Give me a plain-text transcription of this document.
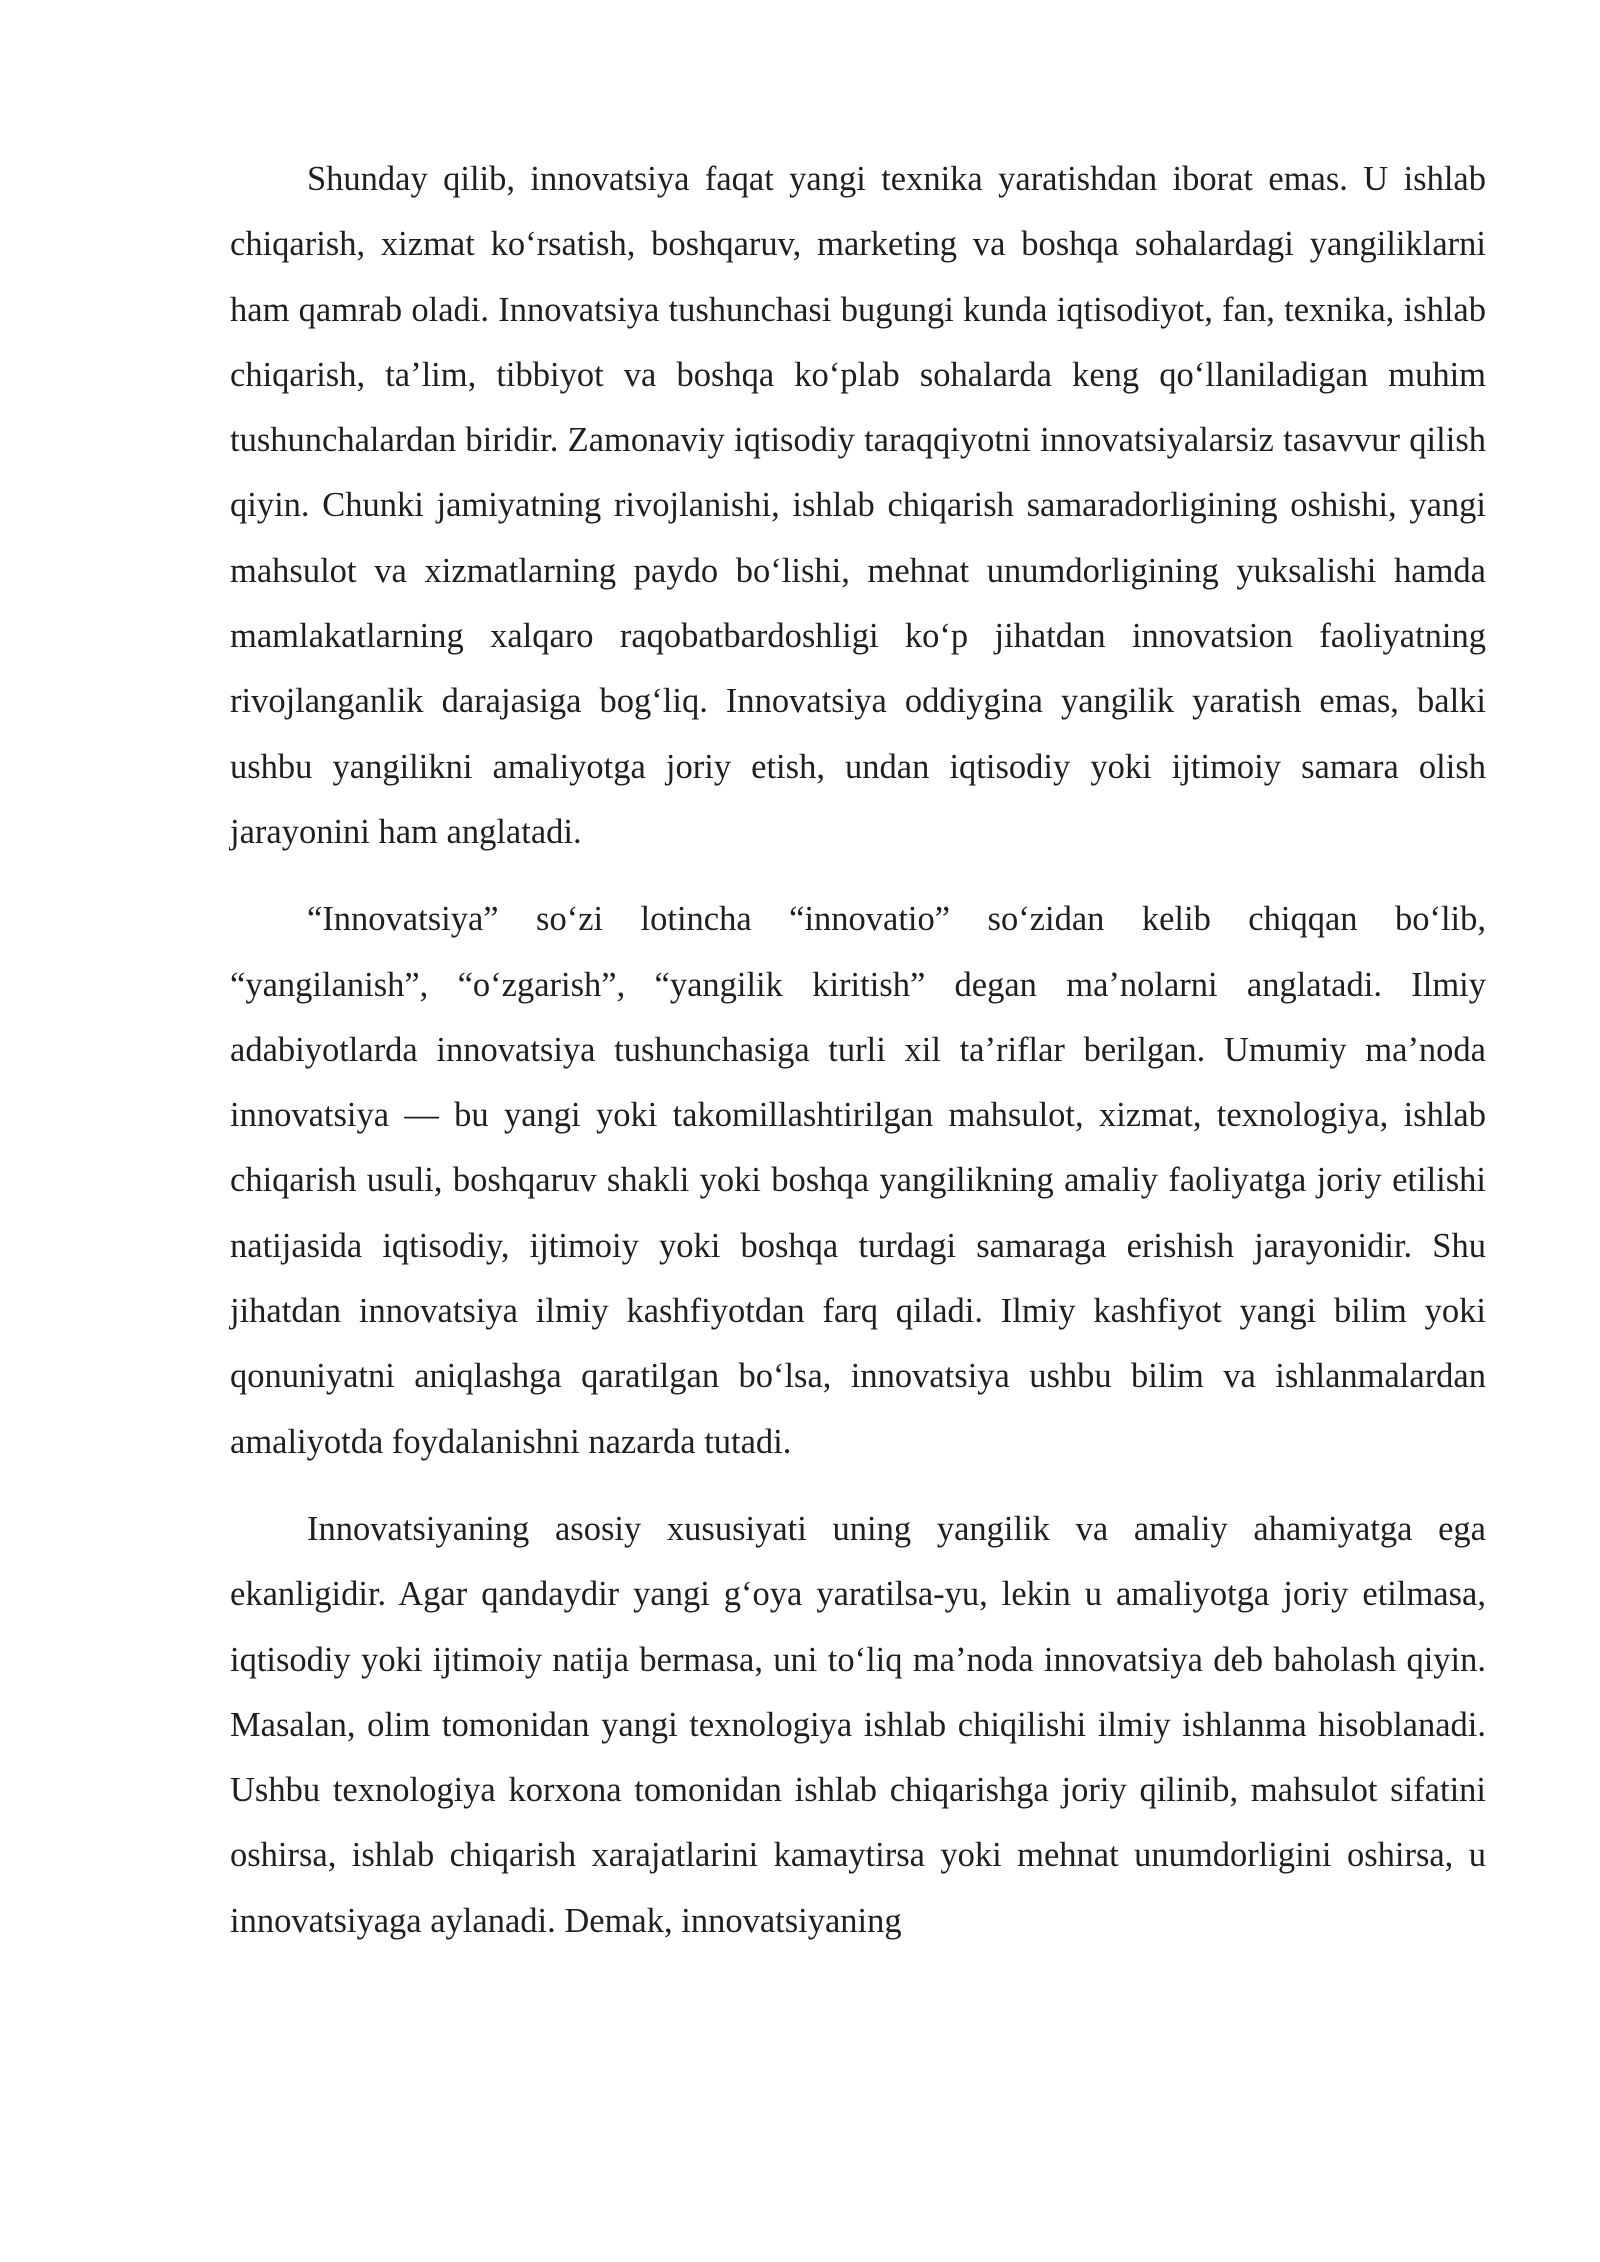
Shunday qilib, innovatsiya faqat yangi texnika yaratishdan iborat emas. U ishlab chiqarish, xizmat koʻrsatish, boshqaruv, marketing va boshqa sohalardagi yangiliklarni ham qamrab oladi. Innovatsiya tushunchasi bugungi kunda iqtisodiyot, fan, texnika, ishlab chiqarish, taʼlim, tibbiyot va boshqa koʻplab sohalarda keng qoʻllaniladigan muhim tushunchalardan biridir. Zamonaviy iqtisodiy taraqqiyotni innovatsiyalarsiz tasavvur qilish qiyin. Chunki jamiyatning rivojlanishi, ishlab chiqarish samaradorligining oshishi, yangi mahsulot va xizmatlarning paydo boʻlishi, mehnat unumdorligining yuksalishi hamda mamlakatlarning xalqaro raqobatbardoshligi koʻp jihatdan innovatsion faoliyatning rivojlanganlik darajasiga bogʻliq. Innovatsiya oddiygina yangilik yaratish emas, balki ushbu yangilikni amaliyotga joriy etish, undan iqtisodiy yoki ijtimoiy samara olish jarayonini ham anglatadi.

“Innovatsiya” soʻzi lotincha “innovatio” soʻzidan kelib chiqqan boʻlib, “yangilanish”, “oʻzgarish”, “yangilik kiritish” degan maʼnolarni anglatadi. Ilmiy adabiyotlarda innovatsiya tushunchasiga turli xil taʼriflar berilgan. Umumiy maʼnoda innovatsiya — bu yangi yoki takomillashtirilgan mahsulot, xizmat, texnologiya, ishlab chiqarish usuli, boshqaruv shakli yoki boshqa yangilikning amaliy faoliyatga joriy etilishi natijasida iqtisodiy, ijtimoiy yoki boshqa turdagi samaraga erishish jarayonidir. Shu jihatdan innovatsiya ilmiy kashfiyotdan farq qiladi. Ilmiy kashfiyot yangi bilim yoki qonuniyatni aniqlashga qaratilgan boʻlsa, innovatsiya ushbu bilim va ishlanmalardan amaliyotda foydalanishni nazarda tutadi.

Innovatsiyaning asosiy xususiyati uning yangilik va amaliy ahamiyatga ega ekanligidir. Agar qandaydir yangi gʻoya yaratilsa-yu, lekin u amaliyotga joriy etilmasa, iqtisodiy yoki ijtimoiy natija bermasa, uni toʻliq maʼnoda innovatsiya deb baholash qiyin. Masalan, olim tomonidan yangi texnologiya ishlab chiqilishi ilmiy ishlanma hisoblanadi. Ushbu texnologiya korxona tomonidan ishlab chiqarishga joriy qilinib, mahsulot sifatini oshirsa, ishlab chiqarish xarajatlarini kamaytirsa yoki mehnat unumdorligini oshirsa, u innovatsiyaga aylanadi. Demak, innovatsiyaning
